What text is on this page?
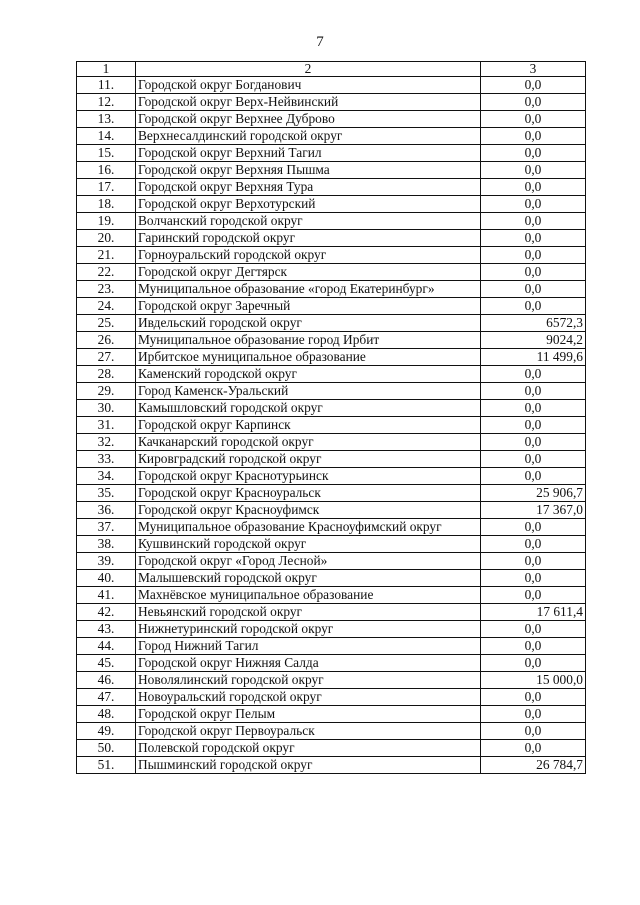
7
1	2	3
11.	Городской округ Богданович	0,0
12.	Городской округ Верх-Нейвинский	0,0
13.	Городской округ Верхнее Дуброво	0,0
14.	Верхнесалдинский городской округ	0,0
15.	Городской округ Верхний Тагил	0,0
16.	Городской округ Верхняя Пышма	0,0
17.	Городской округ Верхняя Тура	0,0
18.	Городской округ Верхотурский	0,0
19.	Волчанский городской округ	0,0
20.	Гаринский городской округ	0,0
21.	Горноуральский городской округ	0,0
22.	Городской округ Дегтярск	0,0
23.	Муниципальное образование «город Екатеринбург»	0,0
24.	Городской округ Заречный	0,0
25.	Ивдельский городской округ	6572,3
26.	Муниципальное образование город Ирбит	9024,2
27.	Ирбитское муниципальное образование	11 499,6
28.	Каменский городской округ	0,0
29.	Город Каменск-Уральский	0,0
30.	Камышловский городской округ	0,0
31.	Городской округ Карпинск	0,0
32.	Качканарский городской округ	0,0
33.	Кировградский городской округ	0,0
34.	Городской округ Краснотурьинск	0,0
35.	Городской округ Красноуральск	25 906,7
36.	Городской округ Красноуфимск	17 367,0
37.	Муниципальное образование Красноуфимский округ	0,0
38.	Кушвинский городской округ	0,0
39.	Городской округ «Город Лесной»	0,0
40.	Малышевский городской округ	0,0
41.	Махнёвское муниципальное образование	0,0
42.	Невьянский городской округ	17 611,4
43.	Нижнетуринский городской округ	0,0
44.	Город Нижний Тагил	0,0
45.	Городской округ Нижняя Салда	0,0
46.	Новолялинский городской округ	15 000,0
47.	Новоуральский городской округ	0,0
48.	Городской округ Пелым	0,0
49.	Городской округ Первоуральск	0,0
50.	Полевской городской округ	0,0
51.	Пышминский городской округ	26 784,7
